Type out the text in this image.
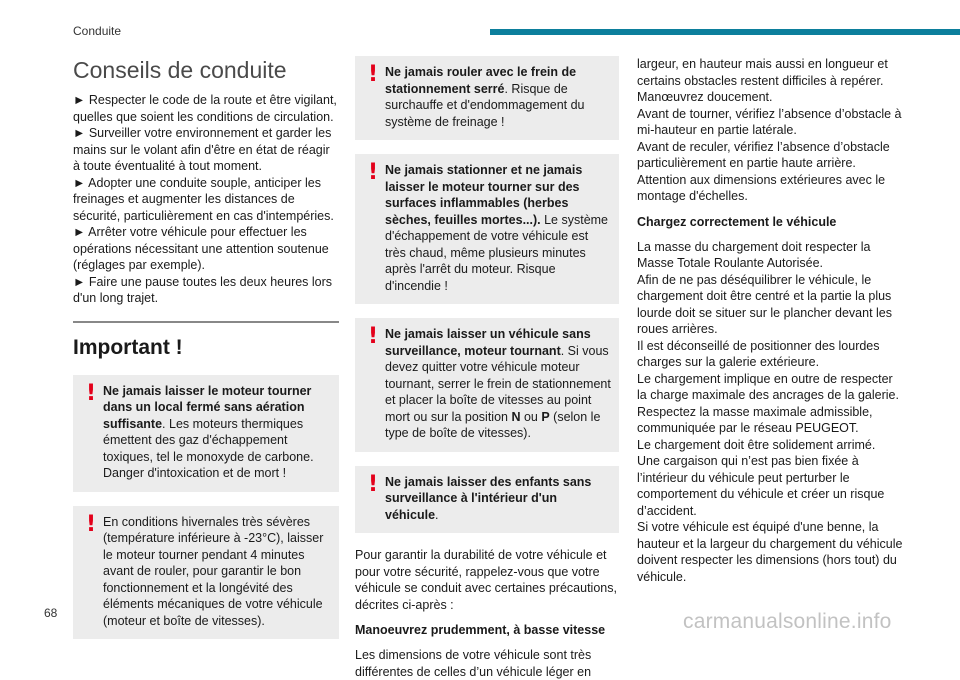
Conduite
Conseils de conduite
► Respecter le code de la route et être vigilant, quelles que soient les conditions de circulation.
► Surveiller votre environnement et garder les mains sur le volant afin d'être en état de réagir à toute éventualité à tout moment.
► Adopter une conduite souple, anticiper les freinages et augmenter les distances de sécurité, particulièrement en cas d'intempéries.
► Arrêter votre véhicule pour effectuer les opérations nécessitant une attention soutenue (réglages par exemple).
► Faire une pause toutes les deux heures lors d'un long trajet.
Important !
! Ne jamais laisser le moteur tourner dans un local fermé sans aération suffisante. Les moteurs thermiques émettent des gaz d'échappement toxiques, tel le monoxyde de carbone. Danger d'intoxication et de mort !
! En conditions hivernales très sévères (température inférieure à -23°C), laisser le moteur tourner pendant 4 minutes avant de rouler, pour garantir le bon fonctionnement et la longévité des éléments mécaniques de votre véhicule (moteur et boîte de vitesses).
! Ne jamais rouler avec le frein de stationnement serré. Risque de surchauffe et d'endommagement du système de freinage !
! Ne jamais stationner et ne jamais laisser le moteur tourner sur des surfaces inflammables (herbes sèches, feuilles mortes...). Le système d'échappement de votre véhicule est très chaud, même plusieurs minutes après l'arrêt du moteur. Risque d'incendie !
! Ne jamais laisser un véhicule sans surveillance, moteur tournant. Si vous devez quitter votre véhicule moteur tournant, serrer le frein de stationnement et placer la boîte de vitesses au point mort ou sur la position N ou P (selon le type de boîte de vitesses).
! Ne jamais laisser des enfants sans surveillance à l'intérieur d'un véhicule.
Pour garantir la durabilité de votre véhicule et pour votre sécurité, rappelez-vous que votre véhicule se conduit avec certaines précautions, décrites ci-après :
Manoeuvrez prudemment, à basse vitesse
Les dimensions de votre véhicule sont très différentes de celles d’un véhicule léger en
largeur, en hauteur mais aussi en longueur et certains obstacles restent difficiles à repérer.
Manœuvrez doucement.
Avant de tourner, vérifiez l’absence d’obstacle à mi-hauteur en partie latérale.
Avant de reculer, vérifiez l’absence d’obstacle particulièrement en partie haute arrière.
Attention aux dimensions extérieures avec le montage d'échelles.
Chargez correctement le véhicule
La masse du chargement doit respecter la Masse Totale Roulante Autorisée.
Afin de ne pas déséquilibrer le véhicule, le chargement doit être centré et la partie la plus lourde doit se situer sur le plancher devant les roues arrières.
Il est déconseillé de positionner des lourdes charges sur la galerie extérieure.
Le chargement implique en outre de respecter la charge maximale des ancrages de la galerie.
Respectez la masse maximale admissible, communiquée par le réseau PEUGEOT.
Le chargement doit être solidement arrimé.
Une cargaison qui n’est pas bien fixée à l’intérieur du véhicule peut perturber le comportement du véhicule et créer un risque d’accident.
Si votre véhicule est équipé d'une benne, la hauteur et la largeur du chargement du véhicule doivent respecter les dimensions (hors tout) du véhicule.
68	carmanualsonline.info
